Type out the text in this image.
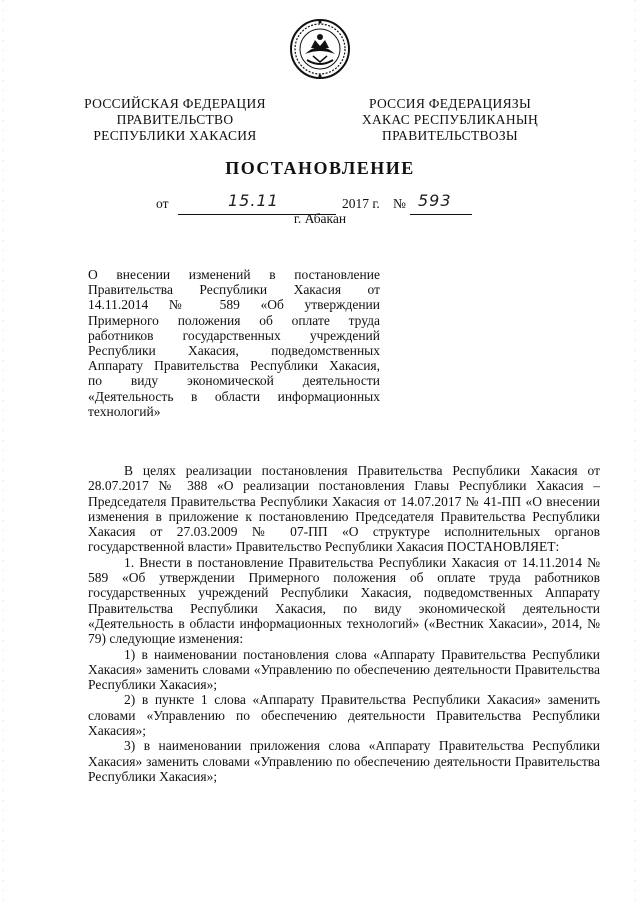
РОССИЙСКАЯ ФЕДЕРАЦИЯ
ПРАВИТЕЛЬСТВО
РЕСПУБЛИКИ ХАКАСИЯ
РОССИЯ ФЕДЕРАЦИЯЗЫ
ХАКАС РЕСПУБЛИКАНЫҢ
ПРАВИТЕЛЬСТВОЗЫ
ПОСТАНОВЛЕНИЕ
от	15.11	2017 г. № 593
г. Абакан
О внесении изменений в постановление
Правительства Республики Хакасия от
14.11.2014 № 589 «Об утверждении
Примерного положения об оплате труда
работников государственных учреждений
Республики Хакасия, подведомственных
Аппарату Правительства Республики Хакасия,
по виду экономической деятельности
«Деятельность в области информационных
технологий»

В целях реализации постановления Правительства Республики Хакасия от 28.07.2017 № 388 «О реализации постановления Главы Республики Хакасия – Председателя Правительства Республики Хакасия от 14.07.2017 № 41-ПП «О внесении изменения в приложение к постановлению Председателя Правительства Республики Хакасия от 27.03.2009 № 07-ПП «О структуре исполнительных органов государственной власти» Правительство Республики Хакасия ПОСТАНОВЛЯЕТ:

1. Внести в постановление Правительства Республики Хакасия от 14.11.2014 № 589 «Об утверждении Примерного положения об оплате труда работников государственных учреждений Республики Хакасия, подведомственных Аппарату Правительства Республики Хакасия, по виду экономической деятельности «Деятельность в области информационных технологий» («Вестник Хакасии», 2014, № 79) следующие изменения:

1) в наименовании постановления слова «Аппарату Правительства Республики Хакасия» заменить словами «Управлению по обеспечению деятельности Правительства Республики Хакасия»;

2) в пункте 1 слова «Аппарату Правительства Республики Хакасия» заменить словами «Управлению по обеспечению деятельности Правительства Республики Хакасия»;

3) в наименовании приложения слова «Аппарату Правительства Республики Хакасия» заменить словами «Управлению по обеспечению деятельности Правительства Республики Хакасия»;
